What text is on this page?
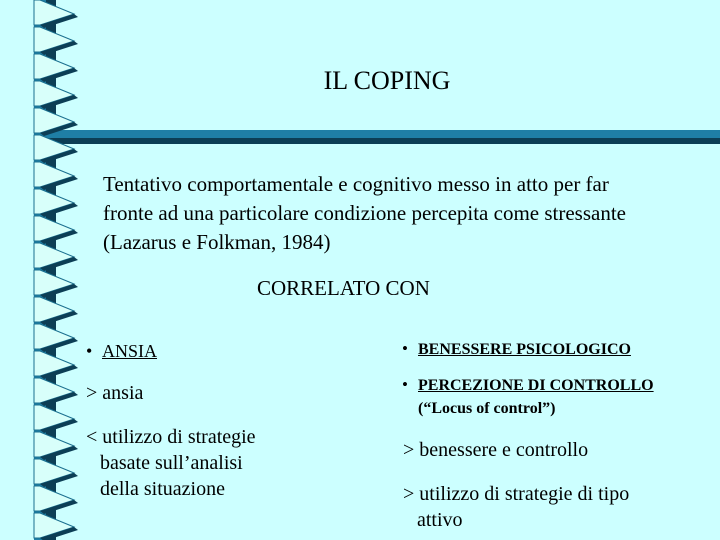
IL COPING
Tentativo comportamentale e cognitivo messo in atto per far
fronte ad una particolare condizione percepita come stressante
(Lazarus e Folkman, 1984)
CORRELATO CON
• ANSIA
> ansia
< utilizzo di strategie
basate sull’analisi
della situazione
• BENESSERE PSICOLOGICO
• PERCEZIONE DI CONTROLLO
(“Locus of control”)
> benessere e controllo
> utilizzo di strategie di tipo
attivo
